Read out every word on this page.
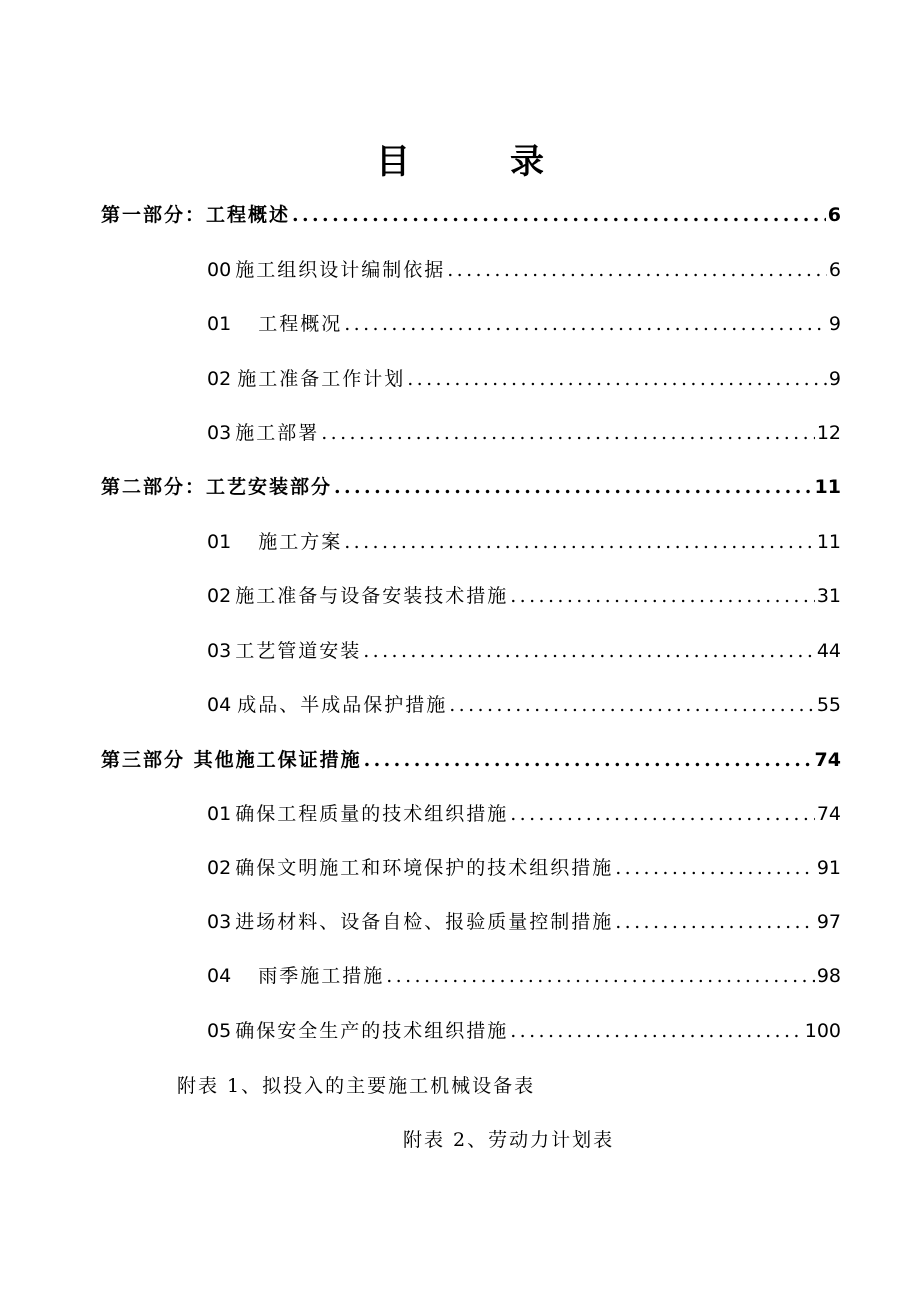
目录
第一部分：工程概述 .....	6
00 施工组织设计编制依据 .....	6
01 　工程概况 .....	9
02 施工准备工作计划 .....	9
03 施工部署 .....	12
第二部分：工艺安装部分 .....	11
01 　施工方案 .....	11
02 施工准备与设备安装技术措施 .....	31
03 工艺管道安装 .....	44
04 成品、半成品保护措施 .....	55
第三部分 其他施工保证措施 .....	74
01 确保工程质量的技术组织措施 .....	74
02 确保文明施工和环境保护的技术组织措施 .....	91
03 进场材料、设备自检、报验质量控制措施 .....	97
04 　雨季施工措施 .....	98
05 确保安全生产的技术组织措施 .....	100
附表 1、拟投入的主要施工机械设备表
附表 2、劳动力计划表
